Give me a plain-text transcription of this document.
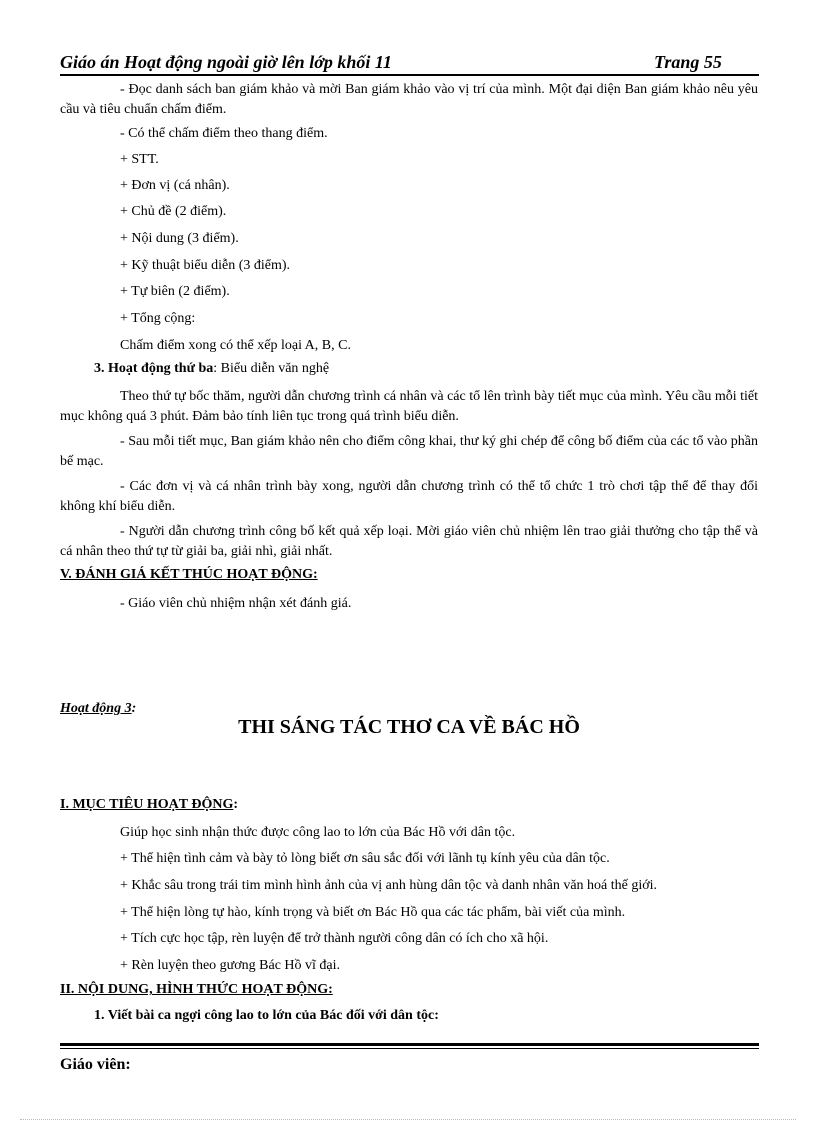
Giáo án Hoạt động ngoài giờ lên lớp khối 11	Trang 55
- Đọc danh sách ban giám khảo và mời Ban giám khảo vào vị trí của mình. Một đại diện Ban giám khảo nêu yêu cầu và tiêu chuẩn chấm điểm.
- Có thể chấm điểm theo thang điểm.
+ STT.
+ Đơn vị (cá nhân).
+ Chủ đề (2 điểm).
+ Nội dung (3 điểm).
+ Kỹ thuật biểu diễn (3 điểm).
+ Tự biên (2 điểm).
+ Tổng cộng:
Chấm điểm xong có thể xếp loại A, B, C.
3. Hoạt động thứ ba: Biểu diễn văn nghệ
Theo thứ tự bốc thăm, người dẫn chương trình cá nhân và các tổ lên trình bày tiết mục của mình. Yêu cầu mỗi tiết mục không quá 3 phút. Đảm bảo tính liên tục trong quá trình biểu diễn.
- Sau mỗi tiết mục, Ban giám khảo nên cho điểm công khai, thư ký ghi chép để công bố điểm của các tổ vào phần bế mạc.
- Các đơn vị và cá nhân trình bày xong, người dẫn chương trình có thể tổ chức 1 trò chơi tập thể để thay đổi không khí biểu diễn.
- Người dẫn chương trình công bố kết quả xếp loại. Mời giáo viên chủ nhiệm lên trao giải thưởng cho tập thể và cá nhân theo thứ tự từ giải ba, giải nhì, giải nhất.
V. ĐÁNH GIÁ KẾT THÚC HOẠT ĐỘNG:
- Giáo viên chủ nhiệm nhận xét đánh giá.
Hoạt động 3:
THI SÁNG TÁC THƠ CA VỀ BÁC HỒ
I. MỤC TIÊU HOẠT ĐỘNG:
Giúp học sinh nhận thức được công lao to lớn của Bác Hồ với dân tộc.
+ Thể hiện tình cảm và bày tỏ lòng biết ơn sâu sắc đối với lãnh tụ kính yêu của dân tộc.
+ Khắc sâu trong trái tim mình hình ảnh của vị anh hùng dân tộc và danh nhân văn hoá thế giới.
+ Thể hiện lòng tự hào, kính trọng và biết ơn Bác Hồ qua các tác phẩm, bài viết của mình.
+ Tích cực học tập, rèn luyện để trở thành người công dân có ích cho xã hội.
+ Rèn luyện theo gương Bác Hồ vĩ đại.
II. NỘI DUNG, HÌNH THỨC HOẠT ĐỘNG:
1. Viết bài ca ngợi công lao to lớn của Bác đối với dân tộc:
Giáo viên:
